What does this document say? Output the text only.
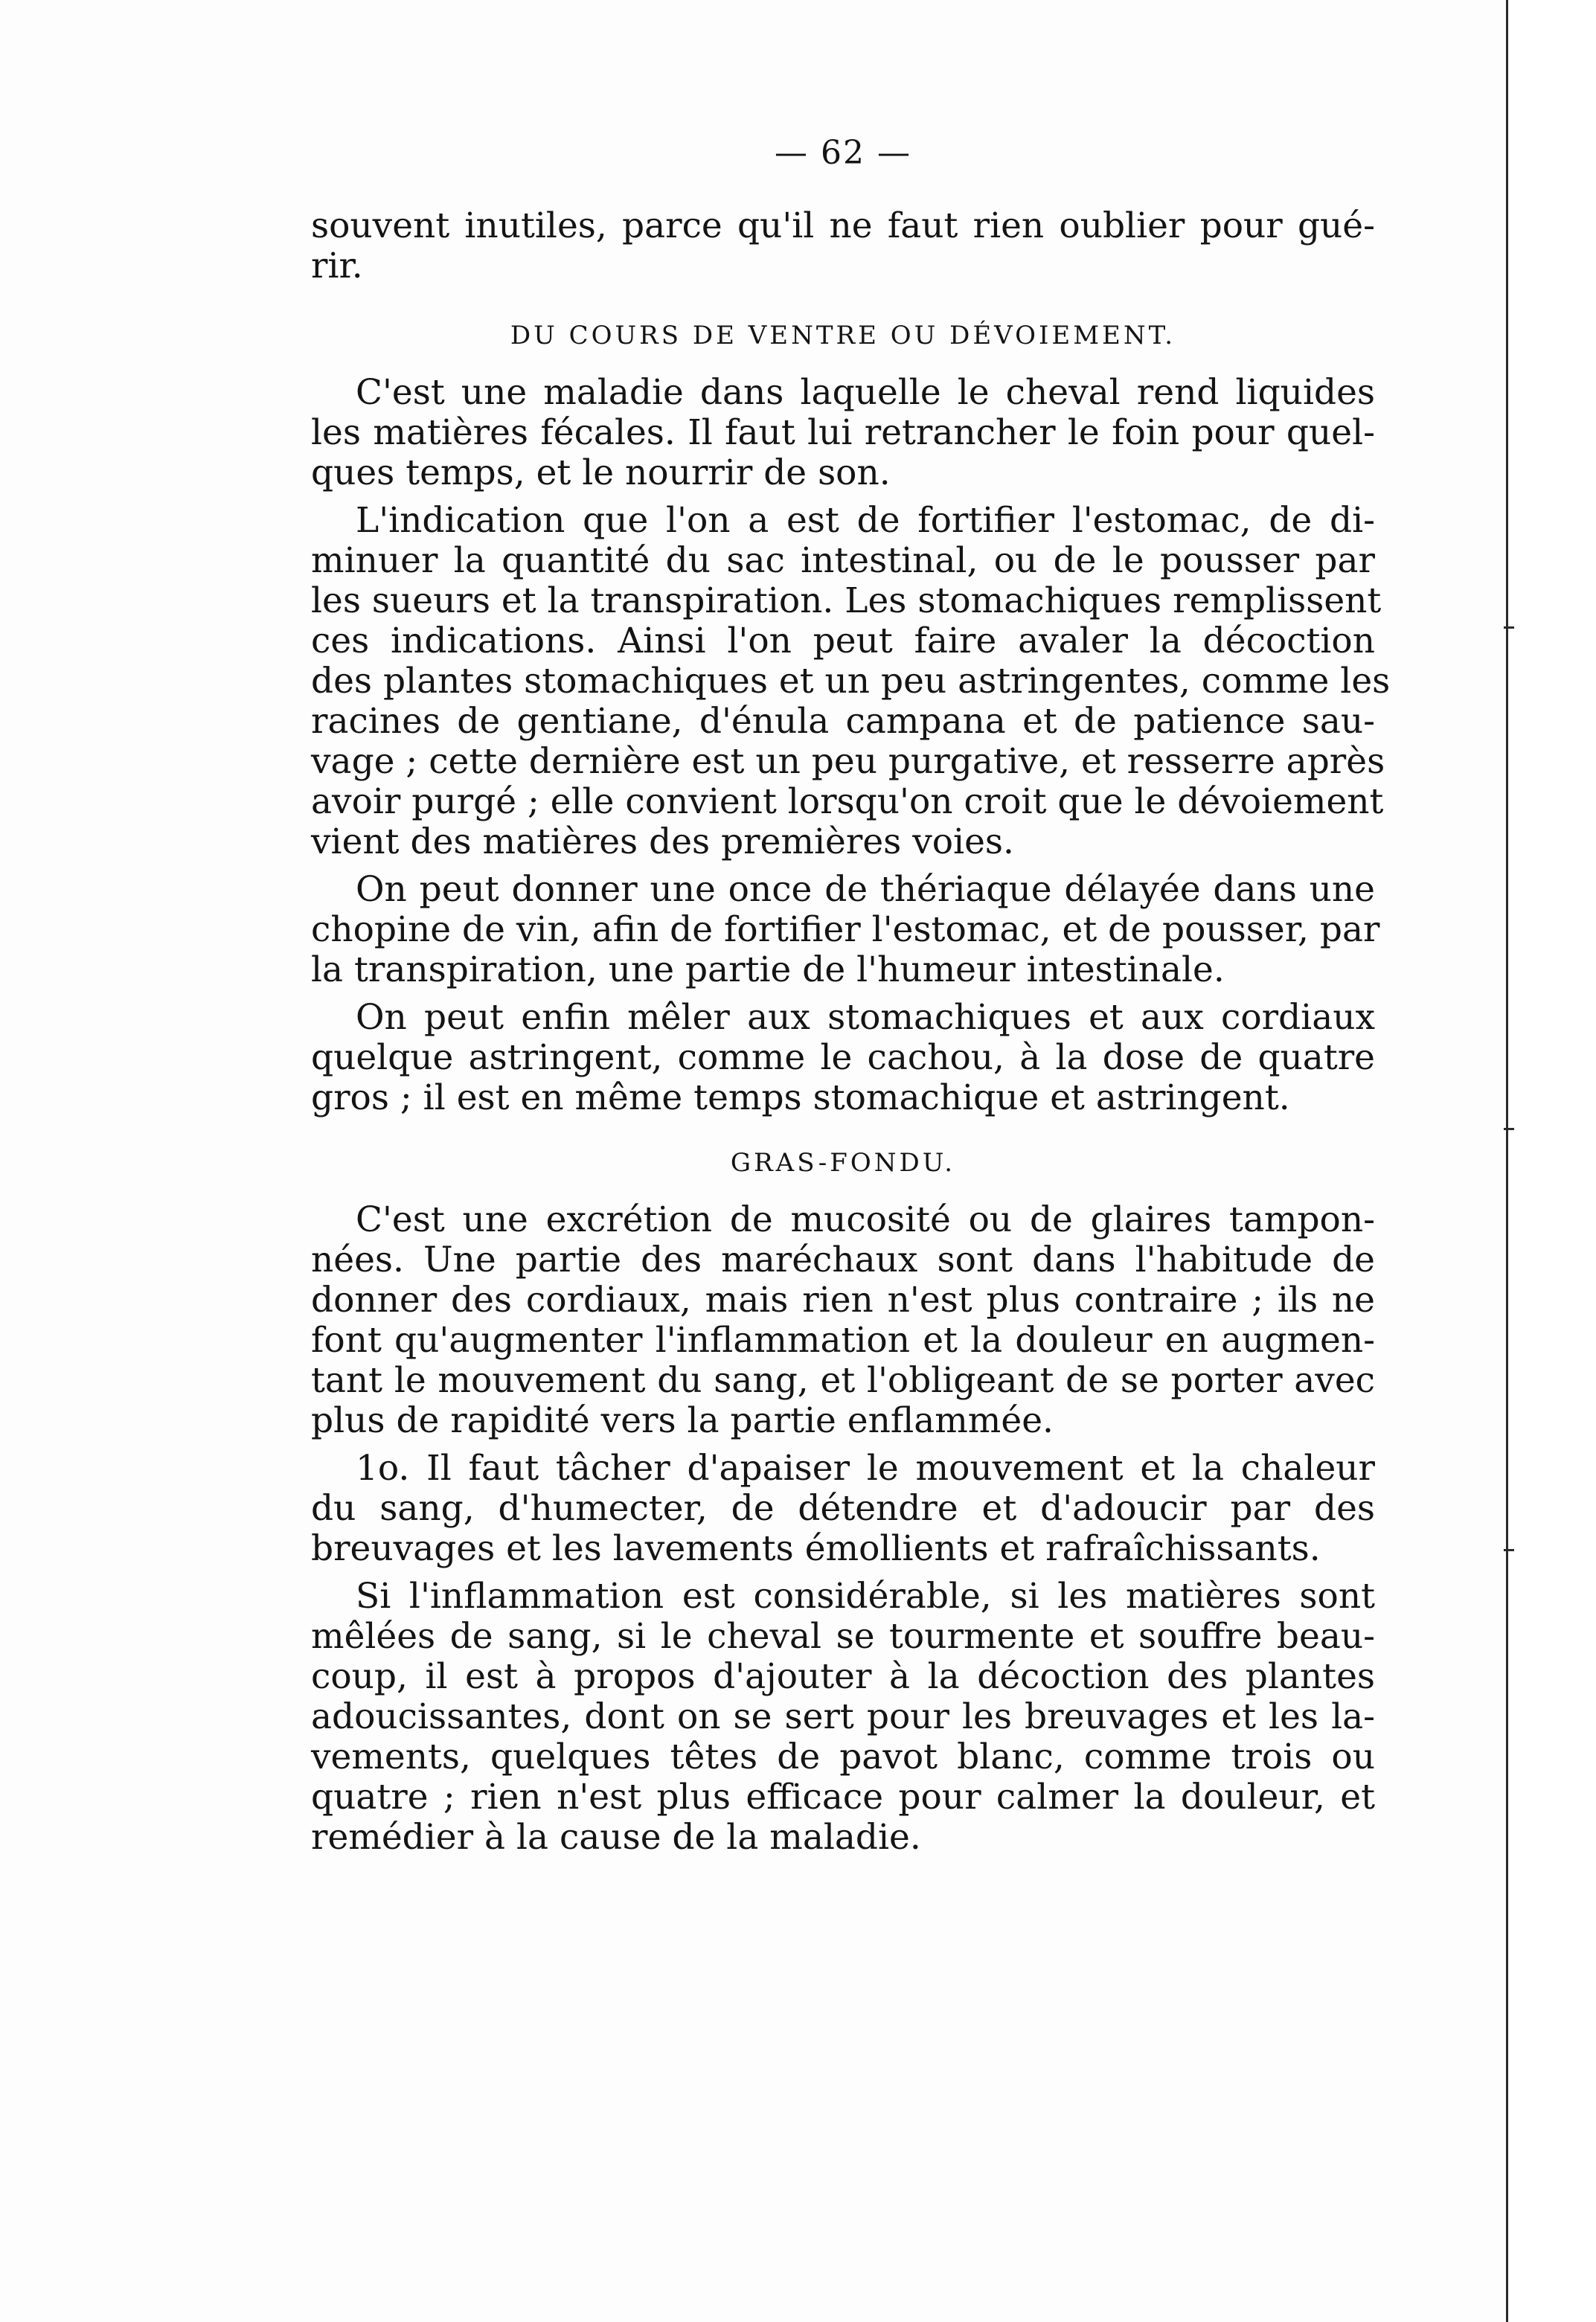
— 62 —
souvent inutiles, parce qu'il ne faut rien oublier pour gué-
rir.
DU COURS DE VENTRE OU DÉVOIEMENT.
C'est une maladie dans laquelle le cheval rend liquides
les matières fécales. Il faut lui retrancher le foin pour quel-
ques temps, et le nourrir de son.
L'indication que l'on a est de fortifier l'estomac, de di-
minuer la quantité du sac intestinal, ou de le pousser par
les sueurs et la transpiration. Les stomachiques remplissent
ces indications. Ainsi l'on peut faire avaler la décoction
des plantes stomachiques et un peu astringentes, comme les
racines de gentiane, d'énula campana et de patience sau-
vage ; cette dernière est un peu purgative, et resserre après
avoir purgé ; elle convient lorsqu'on croit que le dévoiement
vient des matières des premières voies.
On peut donner une once de thériaque délayée dans une
chopine de vin, afin de fortifier l'estomac, et de pousser, par
la transpiration, une partie de l'humeur intestinale.
On peut enfin mêler aux stomachiques et aux cordiaux
quelque astringent, comme le cachou, à la dose de quatre
gros ; il est en même temps stomachique et astringent.
GRAS-FONDU.
C'est une excrétion de mucosité ou de glaires tampon-
nées. Une partie des maréchaux sont dans l'habitude de
donner des cordiaux, mais rien n'est plus contraire ; ils ne
font qu'augmenter l'inflammation et la douleur en augmen-
tant le mouvement du sang, et l'obligeant de se porter avec
plus de rapidité vers la partie enflammée.
1o. Il faut tâcher d'apaiser le mouvement et la chaleur
du sang, d'humecter, de détendre et d'adoucir par des
breuvages et les lavements émollients et rafraîchissants.
Si l'inflammation est considérable, si les matières sont
mêlées de sang, si le cheval se tourmente et souffre beau-
coup, il est à propos d'ajouter à la décoction des plantes
adoucissantes, dont on se sert pour les breuvages et les la-
vements, quelques têtes de pavot blanc, comme trois ou
quatre ; rien n'est plus efficace pour calmer la douleur, et
remédier à la cause de la maladie.
